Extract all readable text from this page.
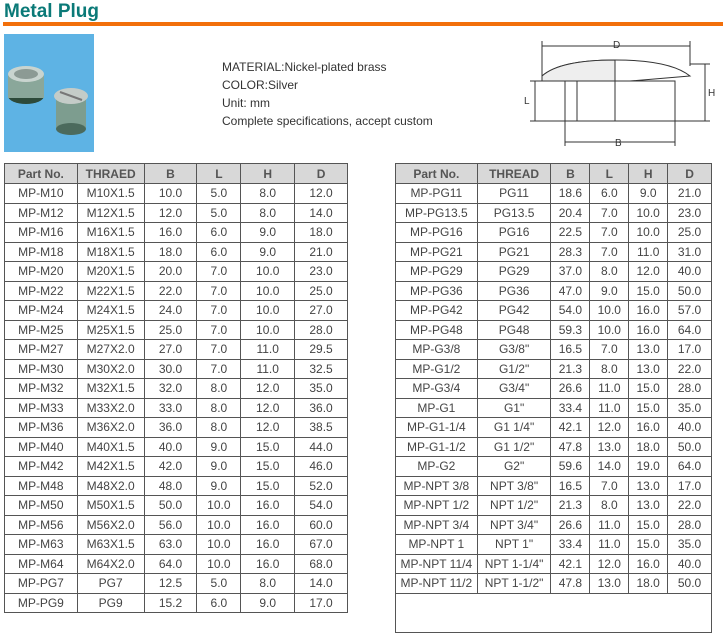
Metal Plug
MATERIAL:Nickel-plated brass
COLOR:Silver
Unit: mm
Complete specifications, accept custom
D
B
L
H
Part No.	THRAED	B	L	H	D
MP-M10	M10X1.5	10.0	5.0	8.0	12.0
MP-M12	M12X1.5	12.0	5.0	8.0	14.0
MP-M16	M16X1.5	16.0	6.0	9.0	18.0
MP-M18	M18X1.5	18.0	6.0	9.0	21.0
MP-M20	M20X1.5	20.0	7.0	10.0	23.0
MP-M22	M22X1.5	22.0	7.0	10.0	25.0
MP-M24	M24X1.5	24.0	7.0	10.0	27.0
MP-M25	M25X1.5	25.0	7.0	10.0	28.0
MP-M27	M27X2.0	27.0	7.0	11.0	29.5
MP-M30	M30X2.0	30.0	7.0	11.0	32.5
MP-M32	M32X1.5	32.0	8.0	12.0	35.0
MP-M33	M33X2.0	33.0	8.0	12.0	36.0
MP-M36	M36X2.0	36.0	8.0	12.0	38.5
MP-M40	M40X1.5	40.0	9.0	15.0	44.0
MP-M42	M42X1.5	42.0	9.0	15.0	46.0
MP-M48	M48X2.0	48.0	9.0	15.0	52.0
MP-M50	M50X1.5	50.0	10.0	16.0	54.0
MP-M56	M56X2.0	56.0	10.0	16.0	60.0
MP-M63	M63X1.5	63.0	10.0	16.0	67.0
MP-M64	M64X2.0	64.0	10.0	16.0	68.0
MP-PG7	PG7	12.5	5.0	8.0	14.0
MP-PG9	PG9	15.2	6.0	9.0	17.0
Part No.	THREAD	B	L	H	D
MP-PG11	PG11	18.6	6.0	9.0	21.0
MP-PG13.5	PG13.5	20.4	7.0	10.0	23.0
MP-PG16	PG16	22.5	7.0	10.0	25.0
MP-PG21	PG21	28.3	7.0	11.0	31.0
MP-PG29	PG29	37.0	8.0	12.0	40.0
MP-PG36	PG36	47.0	9.0	15.0	50.0
MP-PG42	PG42	54.0	10.0	16.0	57.0
MP-PG48	PG48	59.3	10.0	16.0	64.0
MP-G3/8	G3/8"	16.5	7.0	13.0	17.0
MP-G1/2	G1/2"	21.3	8.0	13.0	22.0
MP-G3/4	G3/4"	26.6	11.0	15.0	28.0
MP-G1	G1"	33.4	11.0	15.0	35.0
MP-G1-1/4	G1 1/4"	42.1	12.0	16.0	40.0
MP-G1-1/2	G1 1/2"	47.8	13.0	18.0	50.0
MP-G2	G2"	59.6	14.0	19.0	64.0
MP-NPT 3/8	NPT 3/8"	16.5	7.0	13.0	17.0
MP-NPT 1/2	NPT 1/2"	21.3	8.0	13.0	22.0
MP-NPT 3/4	NPT 3/4"	26.6	11.0	15.0	28.0
MP-NPT 1	NPT 1"	33.4	11.0	15.0	35.0
MP-NPT 11/4	NPT 1-1/4"	42.1	12.0	16.0	40.0
MP-NPT 11/2	NPT 1-1/2"	47.8	13.0	18.0	50.0
